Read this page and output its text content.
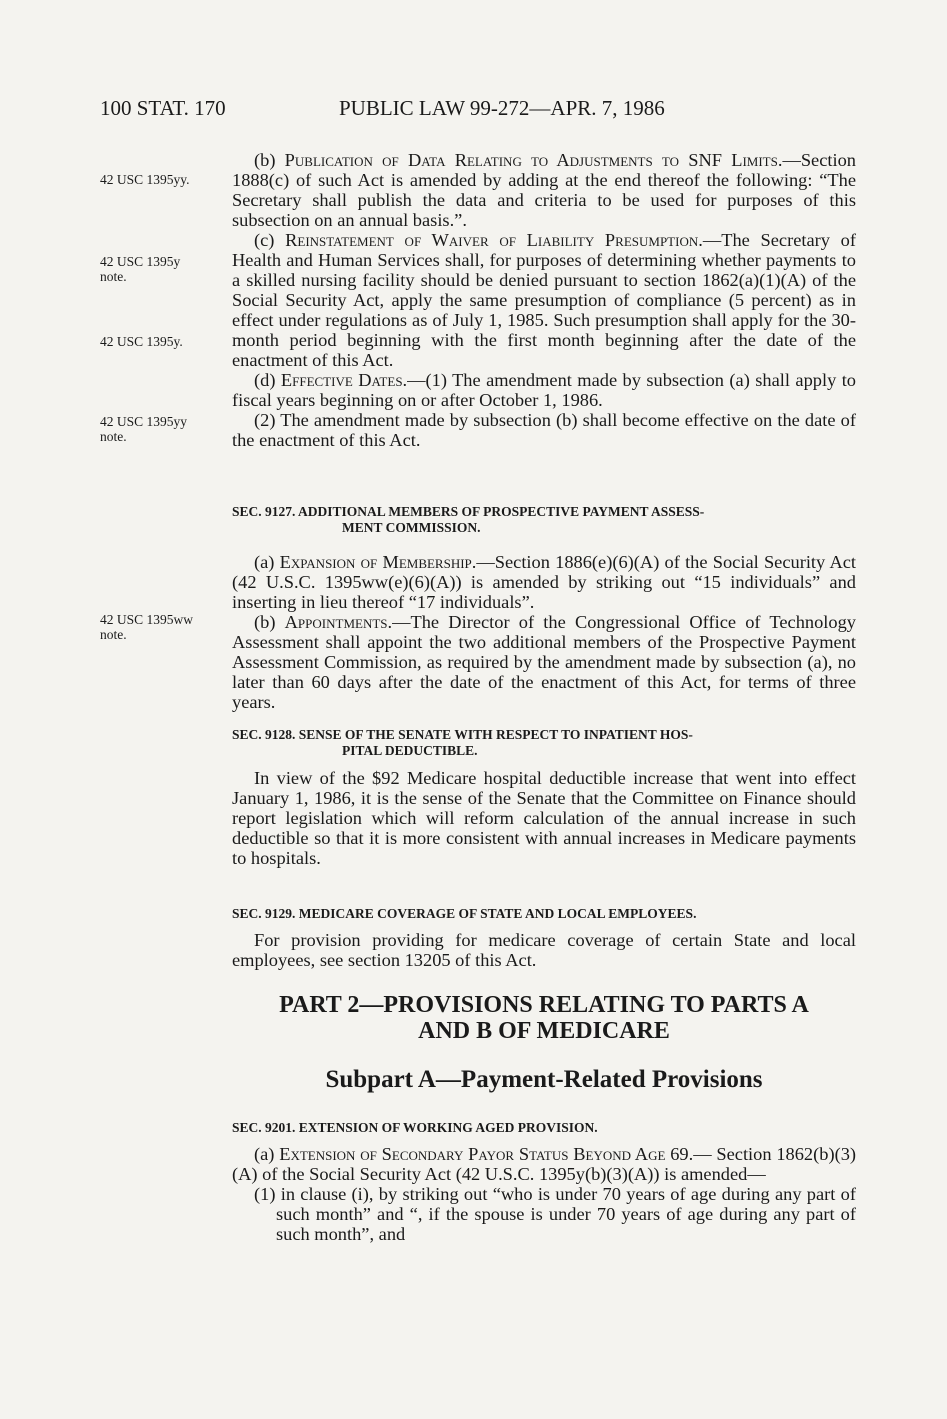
100 STAT. 170	PUBLIC LAW 99-272—APR. 7, 1986
42 USC 1395yy.
42 USC 1395y note.
42 USC 1395y.
42 USC 1395yy note.
42 USC 1395ww note.

(b) Publication of Data Relating to Adjustments to SNF Limits.—Section 1888(c) of such Act is amended by adding at the end thereof the following: “The Secretary shall publish the data and criteria to be used for purposes of this subsection on an annual basis.”.

(c) Reinstatement of Waiver of Liability Presumption.—The Secretary of Health and Human Services shall, for purposes of determining whether payments to a skilled nursing facility should be denied pursuant to section 1862(a)(1)(A) of the Social Security Act, apply the same presumption of compliance (5 percent) as in effect under regulations as of July 1, 1985. Such presumption shall apply for the 30-month period beginning with the first month beginning after the date of the enactment of this Act.

(d) Effective Dates.—(1) The amendment made by subsection (a) shall apply to fiscal years beginning on or after October 1, 1986.

(2) The amendment made by subsection (b) shall become effective on the date of the enactment of this Act.

SEC. 9127. ADDITIONAL MEMBERS OF PROSPECTIVE PAYMENT ASSESS-
MENT COMMISSION.

(a) Expansion of Membership.—Section 1886(e)(6)(A) of the Social Security Act (42 U.S.C. 1395ww(e)(6)(A)) is amended by striking out “15 individuals” and inserting in lieu thereof “17 individuals”.

(b) Appointments.—The Director of the Congressional Office of Technology Assessment shall appoint the two additional members of the Prospective Payment Assessment Commission, as required by the amendment made by subsection (a), no later than 60 days after the date of the enactment of this Act, for terms of three years.

SEC. 9128. SENSE OF THE SENATE WITH RESPECT TO INPATIENT HOS-
PITAL DEDUCTIBLE.

In view of the $92 Medicare hospital deductible increase that went into effect January 1, 1986, it is the sense of the Senate that the Committee on Finance should report legislation which will reform calculation of the annual increase in such deductible so that it is more consistent with annual increases in Medicare payments to hospitals.

SEC. 9129. MEDICARE COVERAGE OF STATE AND LOCAL EMPLOYEES.

For provision providing for medicare coverage of certain State and local employees, see section 13205 of this Act.

PART 2—PROVISIONS RELATING TO PARTS A
AND B OF MEDICARE
Subpart A—Payment-Related Provisions
SEC. 9201. EXTENSION OF WORKING AGED PROVISION.

(a) Extension of Secondary Payor Status Beyond Age 69.— Section 1862(b)(3)(A) of the Social Security Act (42 U.S.C. 1395y(b)(3)(A)) is amended—

(1) in clause (i), by striking out “who is under 70 years of age during any part of such month” and “, if the spouse is under 70 years of age during any part of such month”, and
